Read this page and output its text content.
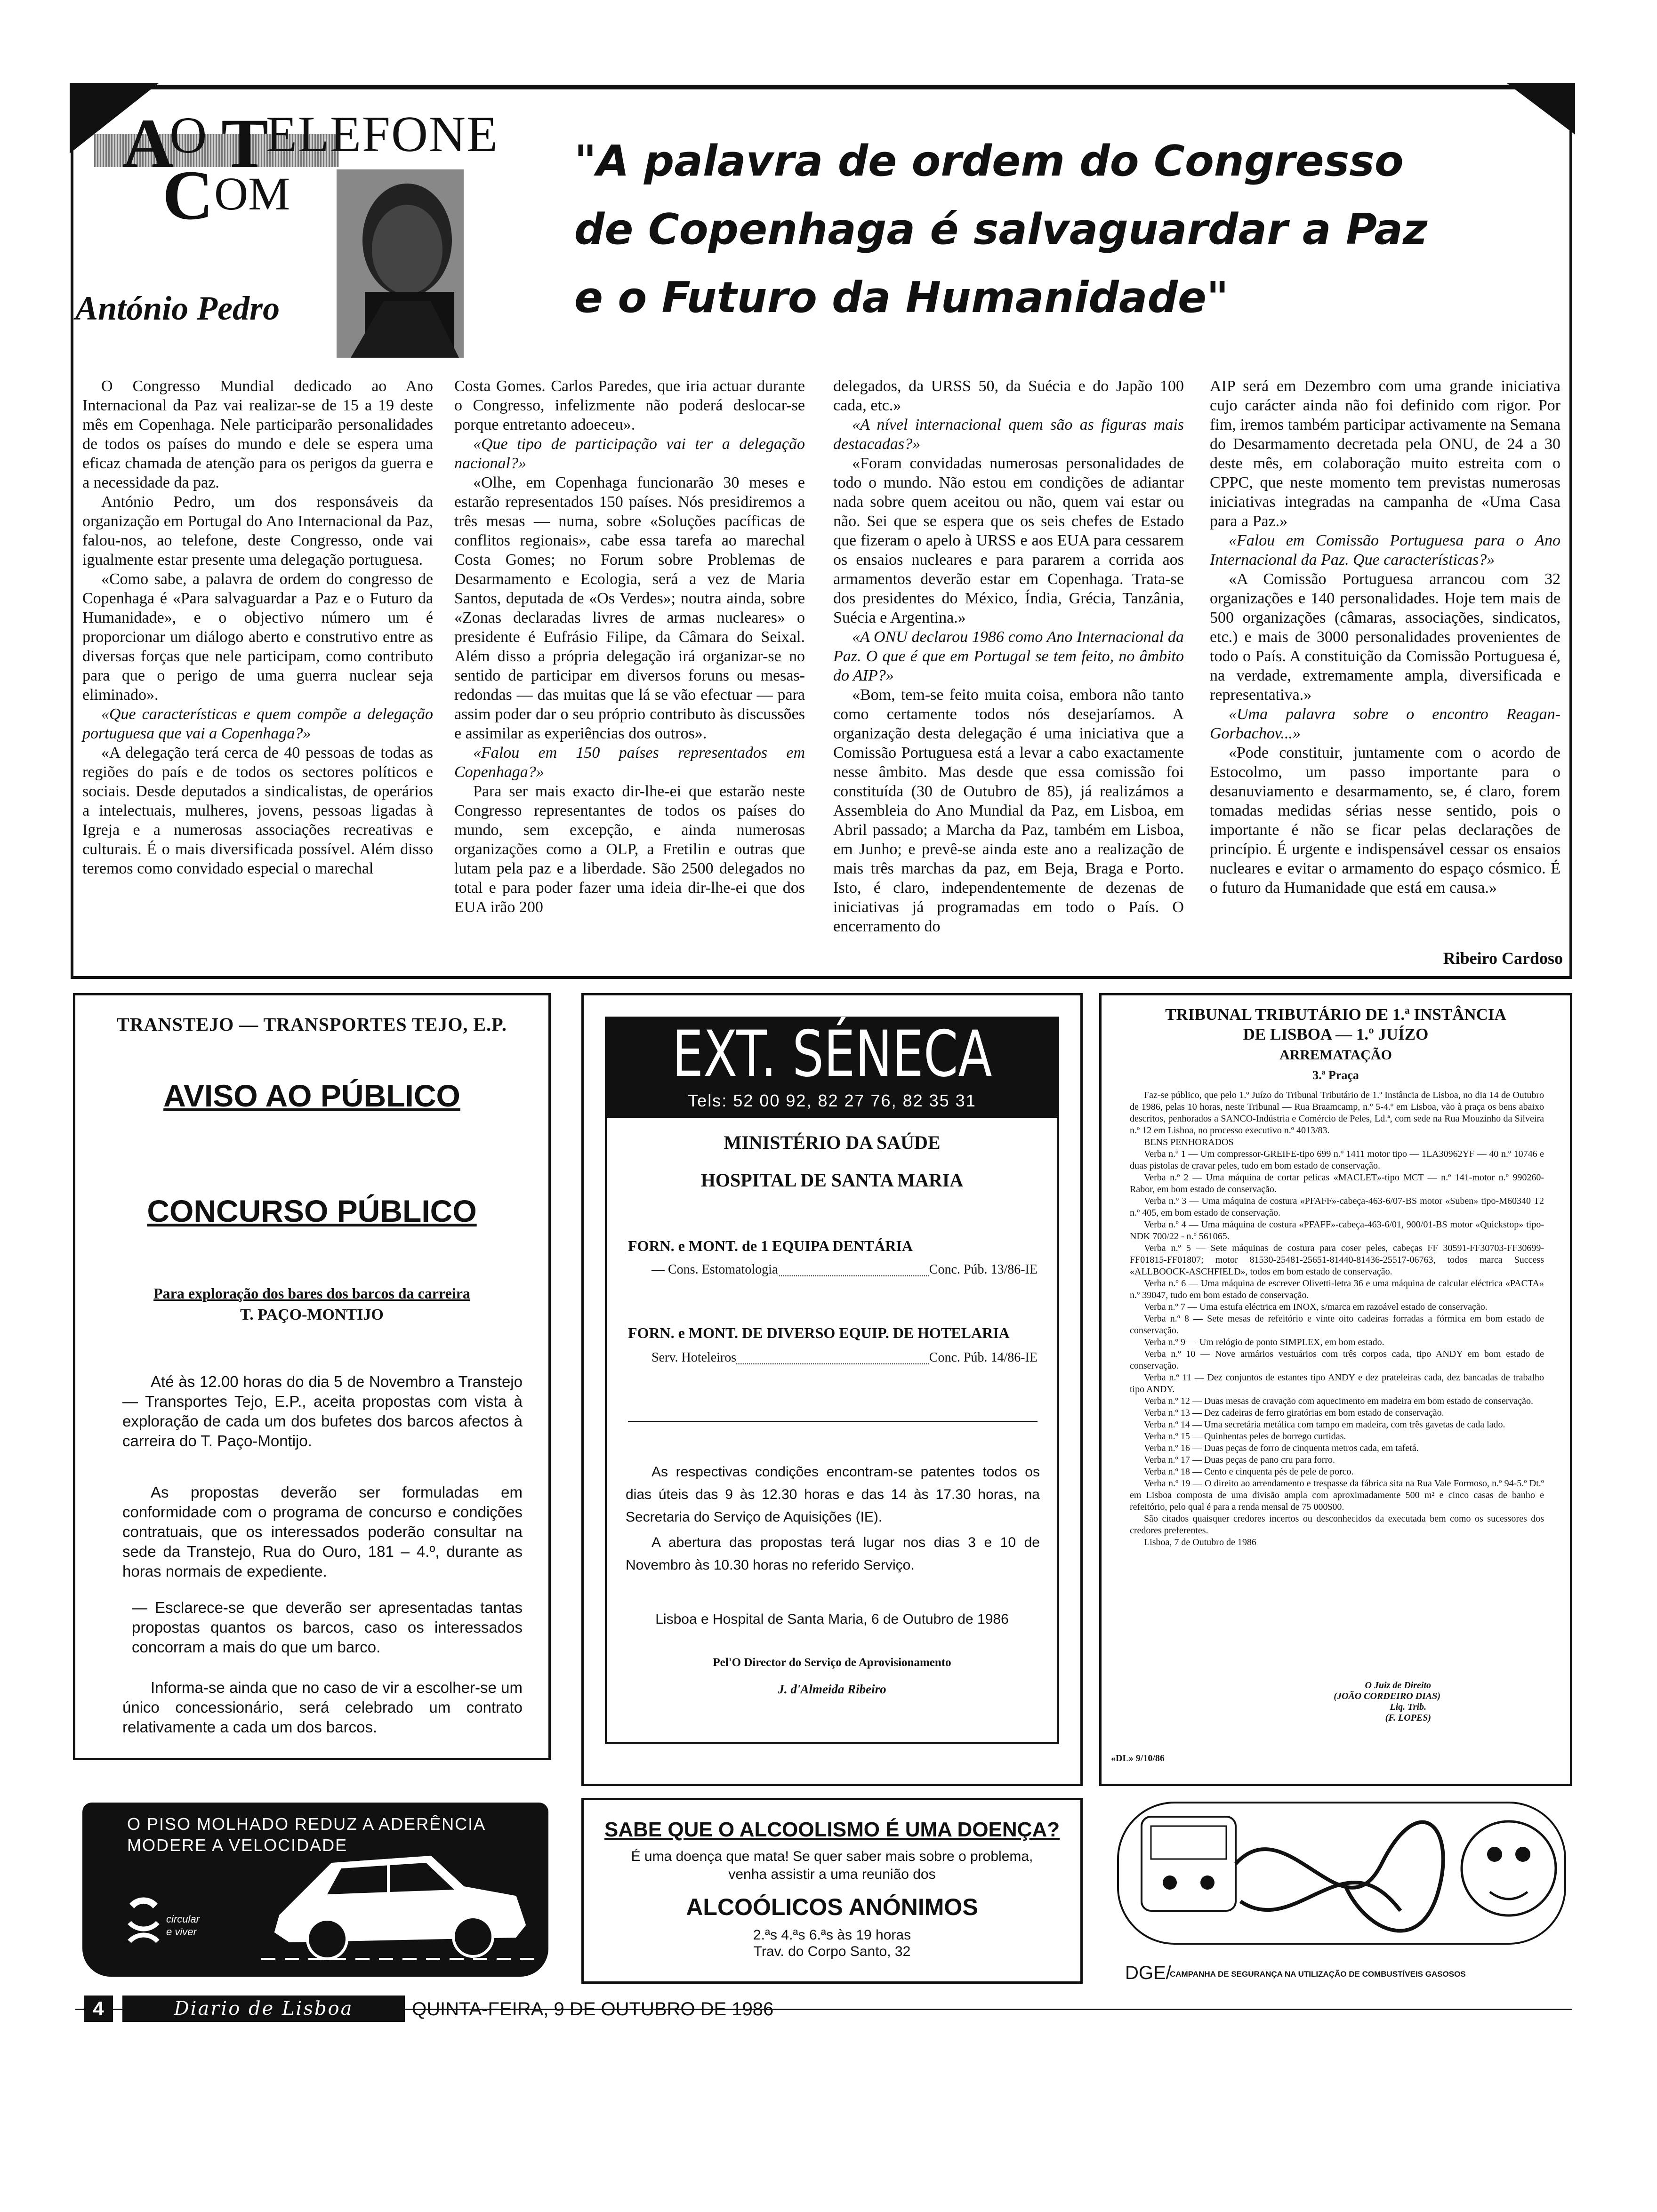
A
O T
ELEFONE
C OM
António Pedro
"A palavra de ordem do Congresso
de Copenhaga é salvaguardar a Paz
e o Futuro da Humanidade"

O Congresso Mundial dedicado ao Ano Internacional da Paz vai realizar-se de 15 a 19 deste mês em Copenhaga. Nele participarão personalidades de todos os países do mundo e dele se espera uma eficaz chamada de atenção para os perigos da guerra e a necessidade da paz.

António Pedro, um dos responsáveis da organização em Portugal do Ano Internacional da Paz, falou-nos, ao telefone, deste Congresso, onde vai igualmente estar presente uma delegação portuguesa.

«Como sabe, a palavra de ordem do congresso de Copenhaga é «Para salvaguardar a Paz e o Futuro da Humanidade», e o objectivo número um é proporcionar um diálogo aberto e construtivo entre as diversas forças que nele participam, como contributo para que o perigo de uma guerra nuclear seja eliminado».

«Que características e quem compõe a delegação portuguesa que vai a Copenhaga?»

«A delegação terá cerca de 40 pessoas de todas as regiões do país e de todos os sectores políticos e sociais. Desde deputados a sindicalistas, de operários a intelectuais, mulheres, jovens, pessoas ligadas à Igreja e a numerosas associações recreativas e culturais. É o mais diversificada possível. Além disso teremos como convidado especial o marechal

Costa Gomes. Carlos Paredes, que iria actuar durante o Congresso, infelizmente não poderá deslocar-se porque entretanto adoeceu».

«Que tipo de participação vai ter a delegação nacional?»

«Olhe, em Copenhaga funcionarão 30 meses e estarão representados 150 países. Nós presidiremos a três mesas — numa, sobre «Soluções pacíficas de conflitos regionais», cabe essa tarefa ao marechal Costa Gomes; no Forum sobre Problemas de Desarmamento e Ecologia, será a vez de Maria Santos, deputada de «Os Verdes»; noutra ainda, sobre «Zonas declaradas livres de armas nucleares» o presidente é Eufrásio Filipe, da Câmara do Seixal. Além disso a própria delegação irá organizar-se no sentido de participar em diversos foruns ou mesas-redondas — das muitas que lá se vão efectuar — para assim poder dar o seu próprio contributo às discussões e assimilar as experiências dos outros».

«Falou em 150 países representados em Copenhaga?»

Para ser mais exacto dir-lhe-ei que estarão neste Congresso representantes de todos os países do mundo, sem excepção, e ainda numerosas organizações como a OLP, a Fretilin e outras que lutam pela paz e a liberdade. São 2500 delegados no total e para poder fazer uma ideia dir-lhe-ei que dos EUA irão 200

delegados, da URSS 50, da Suécia e do Japão 100 cada, etc.»

«A nível internacional quem são as figuras mais destacadas?»

«Foram convidadas numerosas personalidades de todo o mundo. Não estou em condições de adiantar nada sobre quem aceitou ou não, quem vai estar ou não. Sei que se espera que os seis chefes de Estado que fizeram o apelo à URSS e aos EUA para cessarem os ensaios nucleares e para pararem a corrida aos armamentos deverão estar em Copenhaga. Trata-se dos presidentes do México, Índia, Grécia, Tanzânia, Suécia e Argentina.»

«A ONU declarou 1986 como Ano Internacional da Paz. O que é que em Portugal se tem feito, no âmbito do AIP?»

«Bom, tem-se feito muita coisa, embora não tanto como certamente todos nós desejaríamos. A organização desta delegação é uma iniciativa que a Comissão Portuguesa está a levar a cabo exactamente nesse âmbito. Mas desde que essa comissão foi constituída (30 de Outubro de 85), já realizámos a Assembleia do Ano Mundial da Paz, em Lisboa, em Abril passado; a Marcha da Paz, também em Lisboa, em Junho; e prevê-se ainda este ano a realização de mais três marchas da paz, em Beja, Braga e Porto. Isto, é claro, independentemente de dezenas de iniciativas já programadas em todo o País. O encerramento do

AIP será em Dezembro com uma grande iniciativa cujo carácter ainda não foi definido com rigor. Por fim, iremos também participar activamente na Semana do Desarmamento decretada pela ONU, de 24 a 30 deste mês, em colaboração muito estreita com o CPPC, que neste momento tem previstas numerosas iniciativas integradas na campanha de «Uma Casa para a Paz.»

«Falou em Comissão Portuguesa para o Ano Internacional da Paz. Que características?»

«A Comissão Portuguesa arrancou com 32 organizações e 140 personalidades. Hoje tem mais de 500 organizações (câmaras, associações, sindicatos, etc.) e mais de 3000 personalidades provenientes de todo o País. A constituição da Comissão Portuguesa é, na verdade, extremamente ampla, diversificada e representativa.»

«Uma palavra sobre o encontro Reagan-Gorbachov...»

«Pode constituir, juntamente com o acordo de Estocolmo, um passo importante para o desanuviamento e desarmamento, se, é claro, forem tomadas medidas sérias nesse sentido, pois o importante é não se ficar pelas declarações de princípio. É urgente e indispensável cessar os ensaios nucleares e evitar o armamento do espaço cósmico. É o futuro da Humanidade que está em causa.»

Ribeiro Cardoso
TRANSTEJO — TRANSPORTES TEJO, E.P.
AVISO AO PÚBLICO
CONCURSO PÚBLICO
Para exploração dos bares dos barcos da carreira
T. PAÇO-MONTIJO

Até às 12.00 horas do dia 5 de Novembro a Transtejo — Transportes Tejo, E.P., aceita propostas com vista à exploração de cada um dos bufetes dos barcos afectos à carreira do T. Paço-Montijo.

As propostas deverão ser formuladas em conformidade com o programa de concurso e condições contratuais, que os interessados poderão consultar na sede da Transtejo, Rua do Ouro, 181 – 4.º, durante as horas normais de expediente.

— Esclarece-se que deverão ser apresentadas tantas propostas quantos os barcos, caso os interessados concorram a mais do que um barco.

Informa-se ainda que no caso de vir a escolher-se um único concessionário, será celebrado um contrato relativamente a cada um dos barcos.

EXT. SÉNECA
Tels: 52 00 92, 82 27 76, 82 35 31
MINISTÉRIO DA SAÚDE
HOSPITAL DE SANTA MARIA
FORN. e MONT. de 1 EQUIPA DENTÁRIA
— Cons. Estomatologia	Conc. Púb. 13/86-IE
FORN. e MONT. DE DIVERSO EQUIP. DE HOTELARIA
Serv. Hoteleiros	Conc. Púb. 14/86-IE

As respectivas condições encontram-se patentes todos os dias úteis das 9 às 12.30 horas e das 14 às 17.30 horas, na Secretaria do Serviço de Aquisições (IE).

A abertura das propostas terá lugar nos dias 3 e 10 de Novembro às 10.30 horas no referido Serviço.

Lisboa e Hospital de Santa Maria, 6 de Outubro de 1986
Pel'O Director do Serviço de Aprovisionamento
J. d'Almeida Ribeiro
TRIBUNAL TRIBUTÁRIO DE 1.ª INSTÂNCIA
DE LISBOA — 1.º JUÍZO
ARREMATAÇÃO
3.ª Praça

Faz-se público, que pelo 1.º Juízo do Tribunal Tributário de 1.ª Instância de Lisboa, no dia 14 de Outubro de 1986, pelas 10 horas, neste Tribunal — Rua Braamcamp, n.º 5-4.º em Lisboa, vão à praça os bens abaixo descritos, penhorados a SANCO-Indústria e Comércio de Peles, Ld.ª, com sede na Rua Mouzinho da Silveira n.º 12 em Lisboa, no processo executivo n.º 4013/83.

BENS PENHORADOS

Verba n.º 1 — Um compressor-GREIFE-tipo 699 n.º 1411 motor tipo — 1LA30962YF — 40 n.º 10746 e duas pistolas de cravar peles, tudo em bom estado de conservação.

Verba n.º 2 — Uma máquina de cortar pelicas «MACLET»-tipo MCT — n.º 141-motor n.º 990260-Rabor, em bom estado de conservação.

Verba n.º 3 — Uma máquina de costura «PFAFF»-cabeça-463-6/07-BS motor «Suben» tipo-M60340 T2 n.º 405, em bom estado de conservação.

Verba n.º 4 — Uma máquina de costura «PFAFF»-cabeça-463-6/01, 900/01-BS motor «Quickstop» tipo-NDK 700/22 - n.º 561065.

Verba n.º 5 — Sete máquinas de costura para coser peles, cabeças FF 30591-FF30703-FF30699-FF01815-FF01807; motor 81530-25481-25651-81440-81436-25517-06763, todos marca Success «ALLBOOCK-ASCHFIELD», todos em bom estado de conservação.

Verba n.º 6 — Uma máquina de escrever Olivetti-letra 36 e uma máquina de calcular eléctrica «PACTA» n.º 39047, tudo em bom estado de conservação.

Verba n.º 7 — Uma estufa eléctrica em INOX, s/marca em razoável estado de conservação.

Verba n.º 8 — Sete mesas de refeitório e vinte oito cadeiras forradas a fórmica em bom estado de conservação.

Verba n.º 9 — Um relógio de ponto SIMPLEX, em bom estado.

Verba n.º 10 — Nove armários vestuários com três corpos cada, tipo ANDY em bom estado de conservação.

Verba n.º 11 — Dez conjuntos de estantes tipo ANDY e dez prateleiras cada, dez bancadas de trabalho tipo ANDY.

Verba n.º 12 — Duas mesas de cravação com aquecimento em madeira em bom estado de conservação.

Verba n.º 13 — Dez cadeiras de ferro giratórias em bom estado de conservação.

Verba n.º 14 — Uma secretária metálica com tampo em madeira, com três gavetas de cada lado.

Verba n.º 15 — Quinhentas peles de borrego curtidas.

Verba n.º 16 — Duas peças de forro de cinquenta metros cada, em tafetá.

Verba n.º 17 — Duas peças de pano cru para forro.

Verba n.º 18 — Cento e cinquenta pés de pele de porco.

Verba n.º 19 — O direito ao arrendamento e trespasse da fábrica sita na Rua Vale Formoso, n.º 94-5.º Dt.º em Lisboa composta de uma divisão ampla com aproximadamente 500 m² e cinco casas de banho e refeitório, pelo qual é para a renda mensal de 75 000$00.

São citados quaisquer credores incertos ou desconhecidos da executada bem como os sucessores dos credores preferentes.

Lisboa, 7 de Outubro de 1986

O Juiz de Direito
(JOÃO CORDEIRO DIAS)
Liq. Trib.
(F. LOPES)
«DL» 9/10/86
O PISO MOLHADO REDUZ A ADERÊNCIA
MODERE A VELOCIDADE
circular
e viver
SABE QUE O ALCOOLISMO É UMA DOENÇA?
É uma doença que mata! Se quer saber mais sobre o problema,
venha assistir a uma reunião dos
ALCOÓLICOS ANÓNIMOS
2.ªs 4.ªs 6.ªs às 19 horas
Trav. do Corpo Santo, 32
DGE/
CAMPANHA DE SEGURANÇA NA UTILIZAÇÃO DE COMBUSTÍVEIS GASOSOS
4	Diario de Lisboa	QUINTA-FEIRA, 9 DE OUTUBRO DE 1986
